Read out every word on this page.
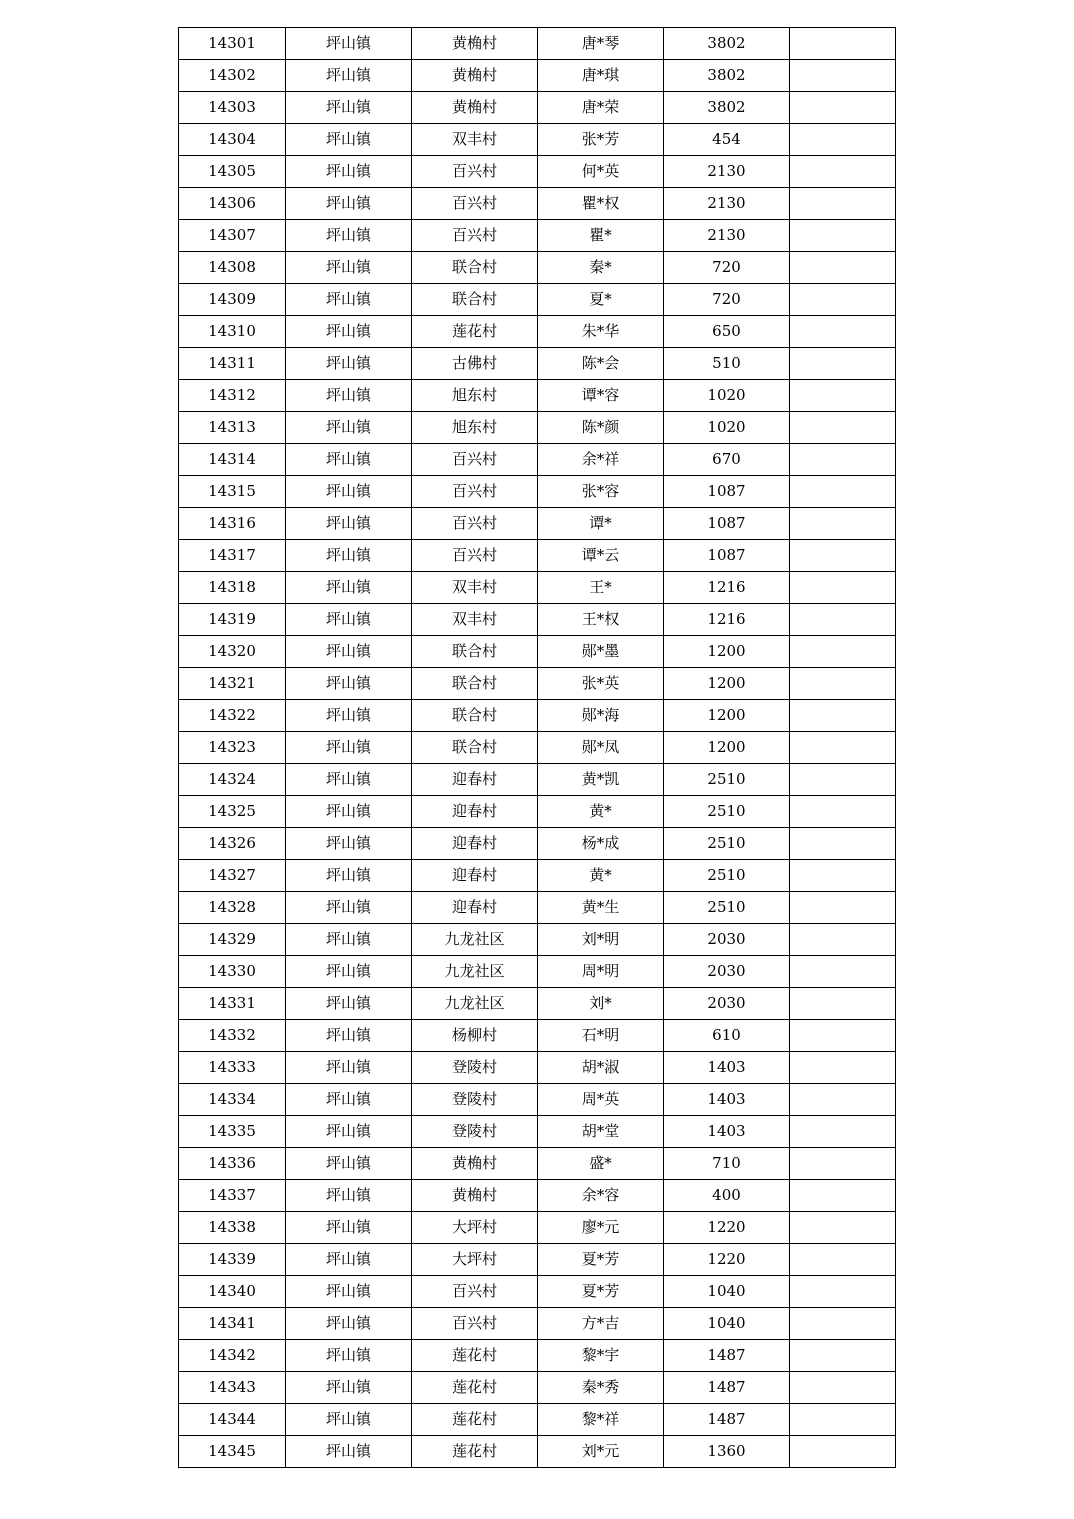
14301	坪山镇	黄桷村	唐*琴	3802	
14302	坪山镇	黄桷村	唐*琪	3802	
14303	坪山镇	黄桷村	唐*荣	3802	
14304	坪山镇	双丰村	张*芳	454	
14305	坪山镇	百兴村	何*英	2130	
14306	坪山镇	百兴村	瞿*权	2130	
14307	坪山镇	百兴村	瞿*	2130	
14308	坪山镇	联合村	秦*	720	
14309	坪山镇	联合村	夏*	720	
14310	坪山镇	莲花村	朱*华	650	
14311	坪山镇	古佛村	陈*会	510	
14312	坪山镇	旭东村	谭*容	1020	
14313	坪山镇	旭东村	陈*颜	1020	
14314	坪山镇	百兴村	余*祥	670	
14315	坪山镇	百兴村	张*容	1087	
14316	坪山镇	百兴村	谭*	1087	
14317	坪山镇	百兴村	谭*云	1087	
14318	坪山镇	双丰村	王*	1216	
14319	坪山镇	双丰村	王*权	1216	
14320	坪山镇	联合村	郧*墨	1200	
14321	坪山镇	联合村	张*英	1200	
14322	坪山镇	联合村	郧*海	1200	
14323	坪山镇	联合村	郧*凤	1200	
14324	坪山镇	迎春村	黄*凯	2510	
14325	坪山镇	迎春村	黄*	2510	
14326	坪山镇	迎春村	杨*成	2510	
14327	坪山镇	迎春村	黄*	2510	
14328	坪山镇	迎春村	黄*生	2510	
14329	坪山镇	九龙社区	刘*明	2030	
14330	坪山镇	九龙社区	周*明	2030	
14331	坪山镇	九龙社区	刘*	2030	
14332	坪山镇	杨柳村	石*明	610	
14333	坪山镇	登陵村	胡*淑	1403	
14334	坪山镇	登陵村	周*英	1403	
14335	坪山镇	登陵村	胡*堂	1403	
14336	坪山镇	黄桷村	盛*	710	
14337	坪山镇	黄桷村	余*容	400	
14338	坪山镇	大坪村	廖*元	1220	
14339	坪山镇	大坪村	夏*芳	1220	
14340	坪山镇	百兴村	夏*芳	1040	
14341	坪山镇	百兴村	方*吉	1040	
14342	坪山镇	莲花村	黎*宇	1487	
14343	坪山镇	莲花村	秦*秀	1487	
14344	坪山镇	莲花村	黎*祥	1487	
14345	坪山镇	莲花村	刘*元	1360	
